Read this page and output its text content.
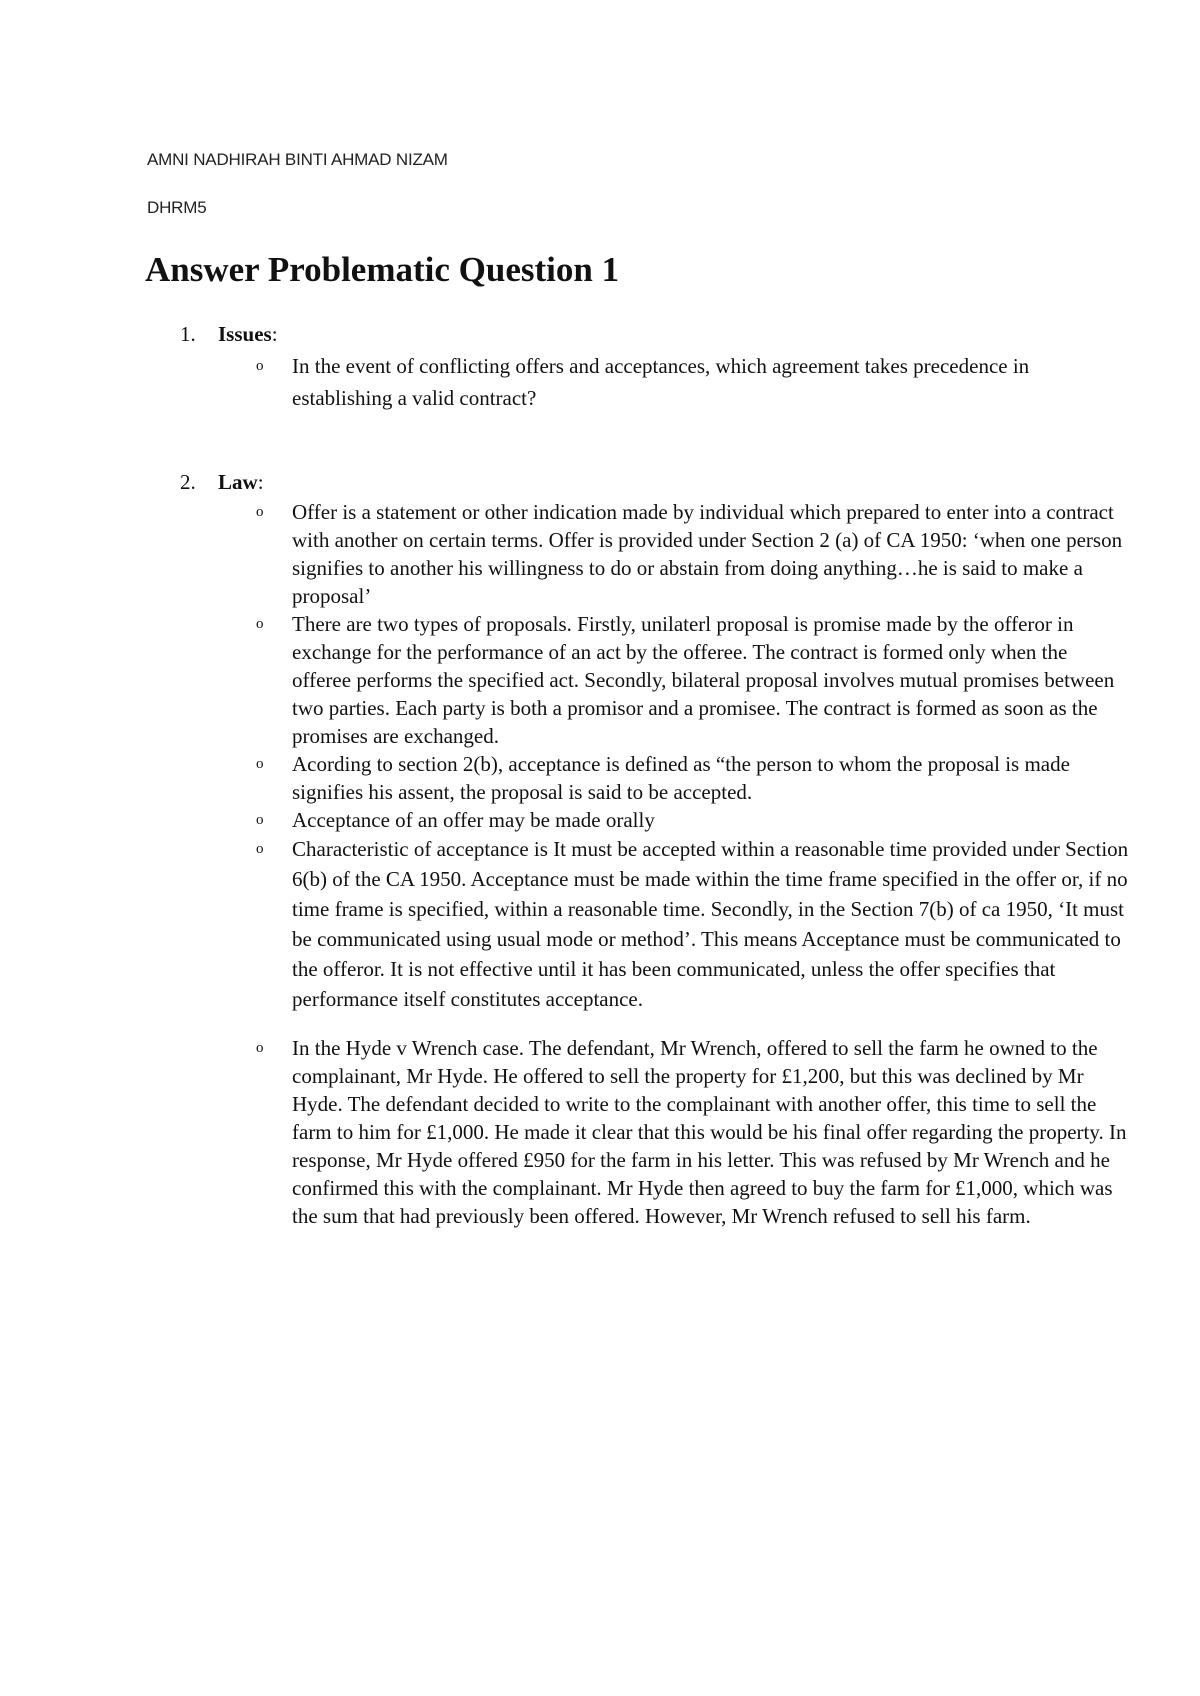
AMNI NADHIRAH BINTI AHMAD NIZAM
DHRM5
Answer Problematic Question 1
1. Issues:
o In the event of conflicting offers and acceptances, which agreement takes precedence in establishing a valid contract?
2. Law:
o Offer is a statement or other indication made by individual which prepared to enter into a contract with another on certain terms. Offer is provided under Section 2 (a) of CA 1950: ‘when one person signifies to another his willingness to do or abstain from doing anything…he is said to make a proposal’
o There are two types of proposals. Firstly, unilaterl proposal is promise made by the offeror in exchange for the performance of an act by the offeree. The contract is formed only when the offeree performs the specified act. Secondly, bilateral proposal involves mutual promises between two parties. Each party is both a promisor and a promisee. The contract is formed as soon as the promises are exchanged.
o Acording to section 2(b), acceptance is defined as “the person to whom the proposal is made signifies his assent, the proposal is said to be accepted.
o Acceptance of an offer may be made orally
o Characteristic of acceptance is It must be accepted within a reasonable time provided under Section 6(b) of the CA 1950. Acceptance must be made within the time frame specified in the offer or, if no time frame is specified, within a reasonable time. Secondly, in the Section 7(b) of ca 1950, ‘It must be communicated using usual mode or method’. This means Acceptance must be communicated to the offeror. It is not effective until it has been communicated, unless the offer specifies that performance itself constitutes acceptance.
o In the Hyde v Wrench case. The defendant, Mr Wrench, offered to sell the farm he owned to the complainant, Mr Hyde. He offered to sell the property for £1,200, but this was declined by Mr Hyde. The defendant decided to write to the complainant with another offer, this time to sell the farm to him for £1,000. He made it clear that this would be his final offer regarding the property. In response, Mr Hyde offered £950 for the farm in his letter. This was refused by Mr Wrench and he confirmed this with the complainant. Mr Hyde then agreed to buy the farm for £1,000, which was the sum that had previously been offered. However, Mr Wrench refused to sell his farm.
